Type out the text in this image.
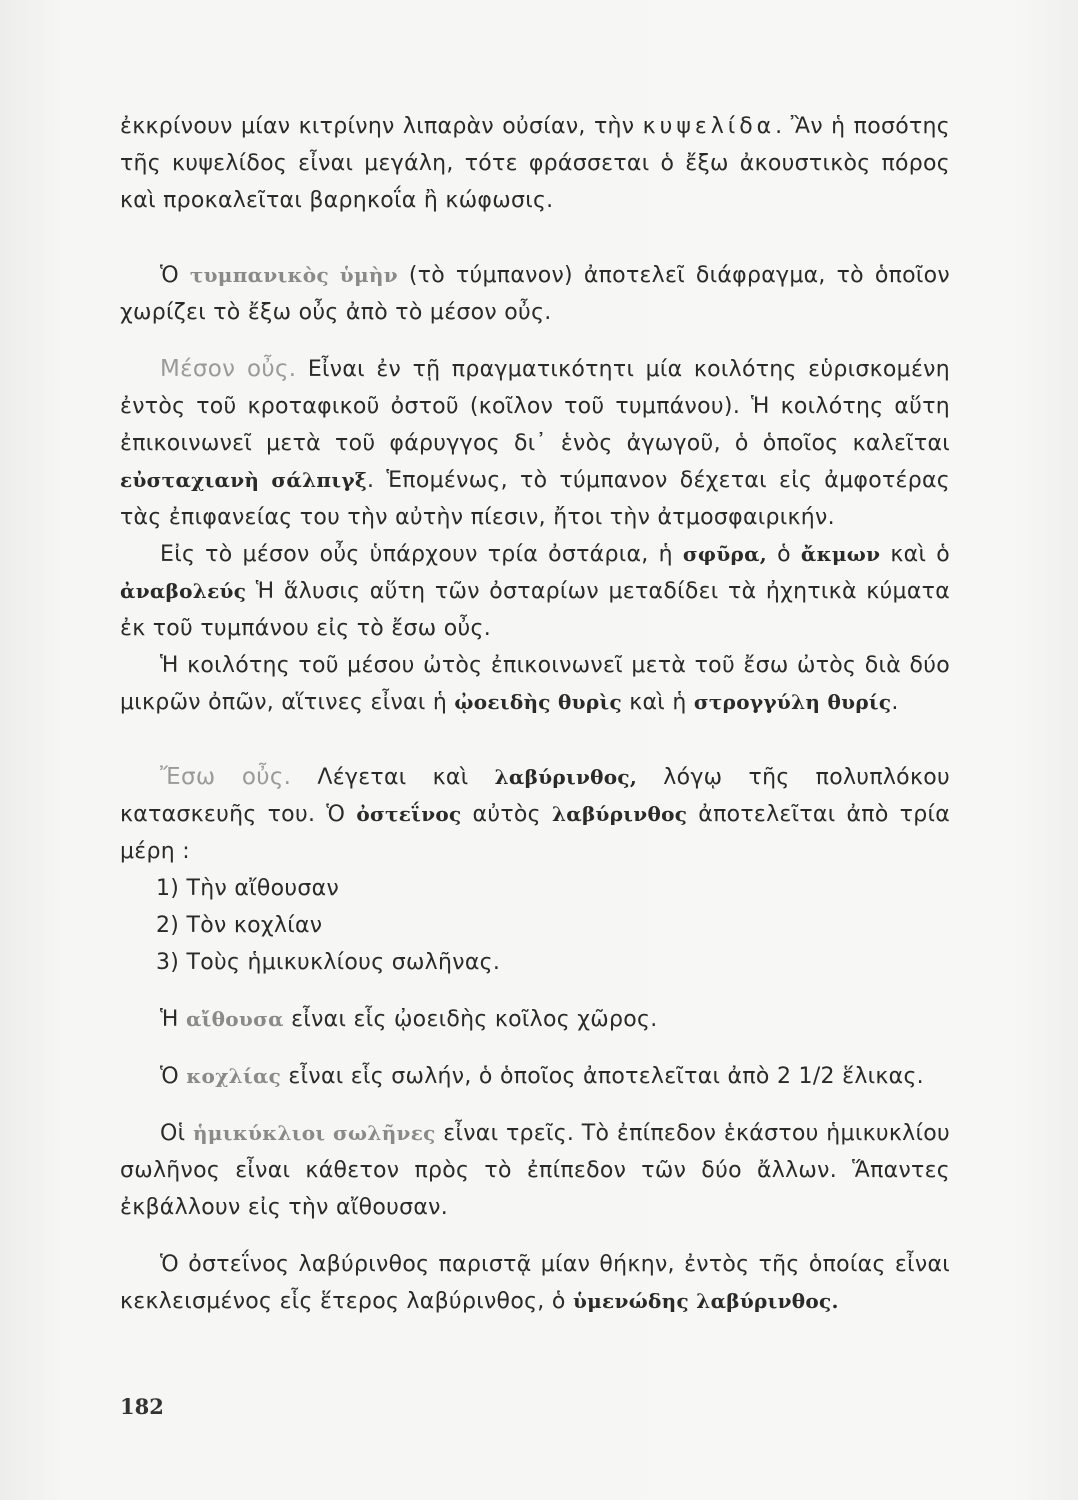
ἐκκρίνουν μίαν κιτρίνην λιπαρὰν οὐσίαν, τὴν κυψελίδα. Ἂν ἡ ποσότης τῆς κυψελίδος εἶναι μεγάλη, τότε φράσσεται ὁ ἔξω ἀκουστικὸς πόρος καὶ προκαλεῖται βαρηκοΐα ἢ κώφωσις.

Ὁ τυμπανικὸς ὑμὴν (τὸ τύμπανον) ἀποτελεῖ διάφραγμα, τὸ ὁποῖον χωρίζει τὸ ἔξω οὖς ἀπὸ τὸ μέσον οὖς.

Μέσον οὖς. Εἶναι ἐν τῇ πραγματικότητι μία κοιλότης εὑρισκομένη ἐντὸς τοῦ κροταφικοῦ ὀστοῦ (κοῖλον τοῦ τυμπάνου). Ἡ κοιλότης αὕτη ἐπικοινωνεῖ μετὰ τοῦ φάρυγγος δι᾽ ἑνὸς ἀγωγοῦ, ὁ ὁποῖος καλεῖται εὐσταχιανὴ σάλπιγξ. Ἑπομένως, τὸ τύμπανον δέχεται εἰς ἀμφοτέρας τὰς ἐπιφανείας του τὴν αὐτὴν πίεσιν, ἤτοι τὴν ἀτμοσφαιρικήν.

Εἰς τὸ μέσον οὖς ὑπάρχουν τρία ὀστάρια, ἡ σφῦρα, ὁ ἄκμων καὶ ὁ ἀναβολεύς Ἡ ἅλυσις αὕτη τῶν ὀσταρίων μεταδίδει τὰ ἠχητικὰ κύματα ἐκ τοῦ τυμπάνου εἰς τὸ ἔσω οὖς.

Ἡ κοιλότης τοῦ μέσου ὠτὸς ἐπικοινωνεῖ μετὰ τοῦ ἔσω ὠτὸς διὰ δύο μικρῶν ὀπῶν, αἵτινες εἶναι ἡ ᾠοειδὴς θυρὶς καὶ ἡ στρογγύλη θυρίς.

Ἔσω οὖς. Λέγεται καὶ λαβύρινθος, λόγῳ τῆς πολυπλόκου κατασκευῆς του. Ὁ ὀστεΐνος αὐτὸς λαβύρινθος ἀποτελεῖται ἀπὸ τρία μέρη :

1) Τὴν αἴθουσαν

2) Τὸν κοχλίαν

3) Τοὺς ἡμικυκλίους σωλῆνας.

Ἡ αἴθουσα εἶναι εἷς ᾠοειδὴς κοῖλος χῶρος.

Ὁ κοχλίας εἶναι εἷς σωλήν, ὁ ὁποῖος ἀποτελεῖται ἀπὸ 2 1/2 ἕλικας.

Οἱ ἡμικύκλιοι σωλῆνες εἶναι τρεῖς. Τὸ ἐπίπεδον ἑκάστου ἡμικυκλίου σωλῆνος εἶναι κάθετον πρὸς τὸ ἐπίπεδον τῶν δύο ἄλλων. Ἅπαντες ἐκβάλλουν εἰς τὴν αἴθουσαν.

Ὁ ὀστεΐνος λαβύρινθος παριστᾷ μίαν θήκην, ἐντὸς τῆς ὁποίας εἶναι κεκλεισμένος εἷς ἕτερος λαβύρινθος, ὁ ὑμενώδης λαβύρινθος.

182
